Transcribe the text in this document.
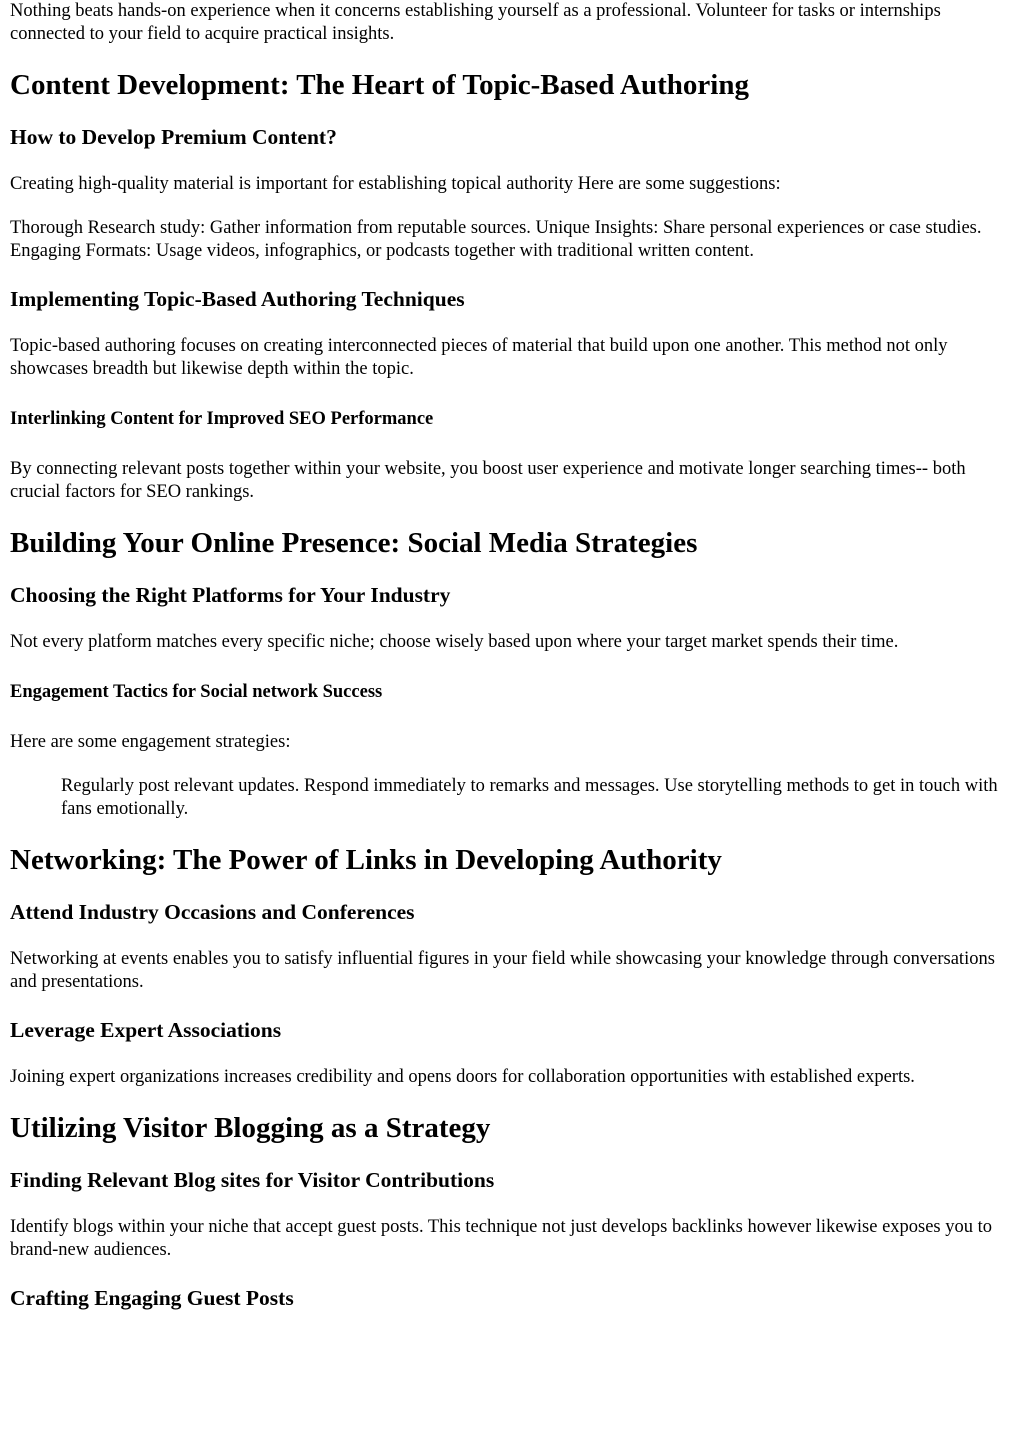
Nothing beats hands-on experience when it concerns establishing yourself as a professional. Volunteer for tasks or internships connected to your field to acquire practical insights.

Content Development: The Heart of Topic-Based Authoring
How to Develop Premium Content?

Creating high-quality material is important for establishing topical authority Here are some suggestions:

Thorough Research study: Gather information from reputable sources. Unique Insights: Share personal experiences or case studies. Engaging Formats: Usage videos, infographics, or podcasts together with traditional written content.

Implementing Topic-Based Authoring Techniques

Topic-based authoring focuses on creating interconnected pieces of material that build upon one another. This method not only showcases breadth but likewise depth within the topic.

Interlinking Content for Improved SEO Performance

By connecting relevant posts together within your website, you boost user experience and motivate longer searching times-- both crucial factors for SEO rankings.

Building Your Online Presence: Social Media Strategies
Choosing the Right Platforms for Your Industry

Not every platform matches every specific niche; choose wisely based upon where your target market spends their time.

Engagement Tactics for Social network Success

Here are some engagement strategies:

Regularly post relevant updates. Respond immediately to remarks and messages. Use storytelling methods to get in touch with fans emotionally.

Networking: The Power of Links in Developing Authority
Attend Industry Occasions and Conferences

Networking at events enables you to satisfy influential figures in your field while showcasing your knowledge through conversations and presentations.

Leverage Expert Associations

Joining expert organizations increases credibility and opens doors for collaboration opportunities with established experts.

Utilizing Visitor Blogging as a Strategy
Finding Relevant Blog sites for Visitor Contributions

Identify blogs within your niche that accept guest posts. This technique not just develops backlinks however likewise exposes you to brand-new audiences.

Crafting Engaging Guest Posts
